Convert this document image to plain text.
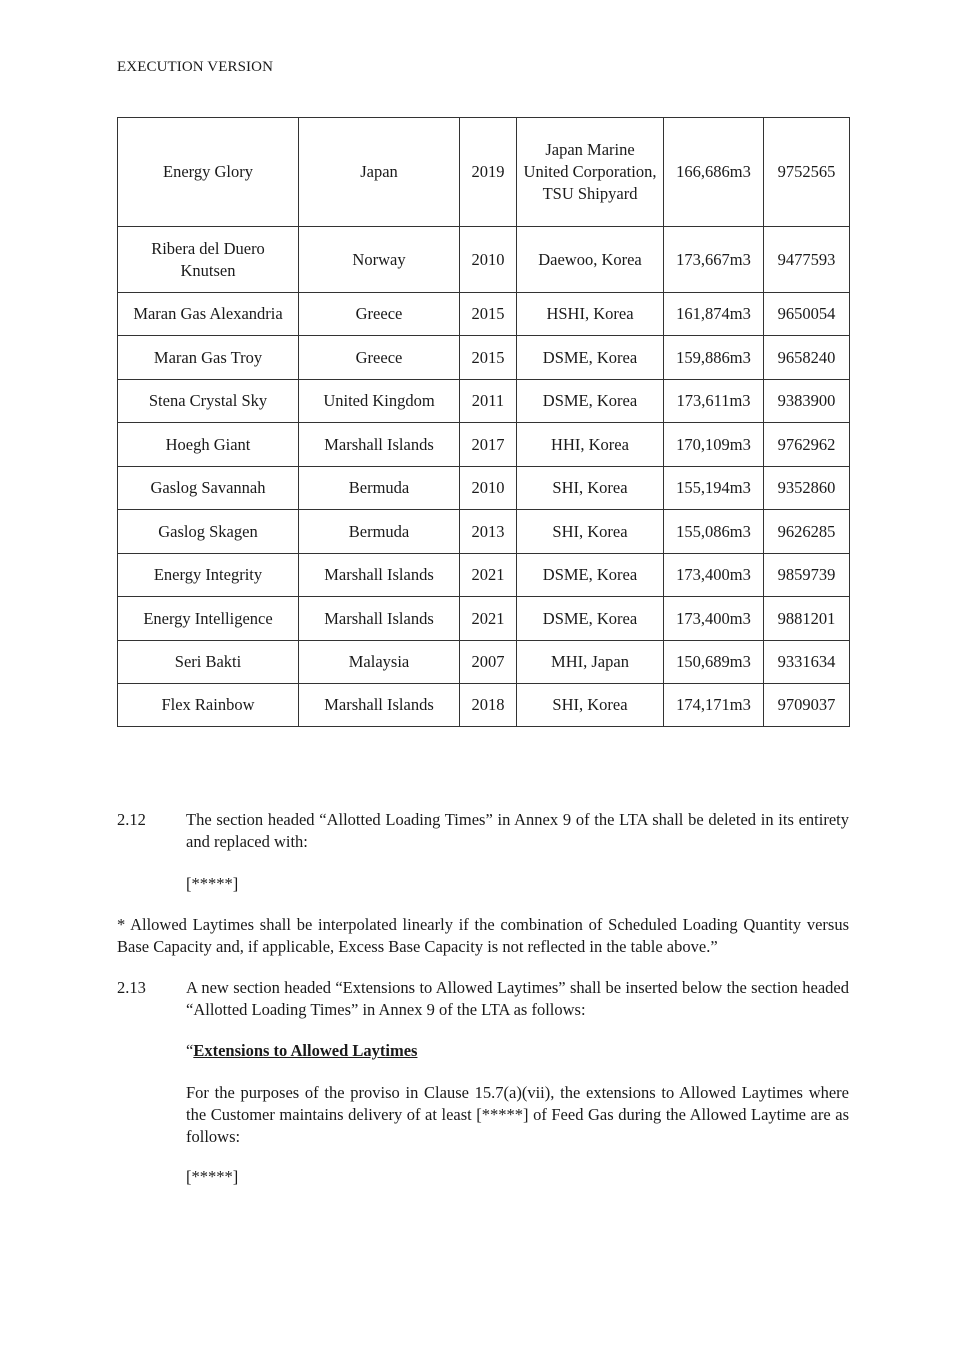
EXECUTION VERSION
Energy Glory	Japan	2019	Japan Marine United Corporation, TSU Shipyard	166,686m3	9752565
Ribera del Duero Knutsen	Norway	2010	Daewoo, Korea	173,667m3	9477593
Maran Gas Alexandria	Greece	2015	HSHI, Korea	161,874m3	9650054
Maran Gas Troy	Greece	2015	DSME, Korea	159,886m3	9658240
Stena Crystal Sky	United Kingdom	2011	DSME, Korea	173,611m3	9383900
Hoegh Giant	Marshall Islands	2017	HHI, Korea	170,109m3	9762962
Gaslog Savannah	Bermuda	2010	SHI, Korea	155,194m3	9352860
Gaslog Skagen	Bermuda	2013	SHI, Korea	155,086m3	9626285
Energy Integrity	Marshall Islands	2021	DSME, Korea	173,400m3	9859739
Energy Intelligence	Marshall Islands	2021	DSME, Korea	173,400m3	9881201
Seri Bakti	Malaysia	2007	MHI, Japan	150,689m3	9331634
Flex Rainbow	Marshall Islands	2018	SHI, Korea	174,171m3	9709037
2.12 The section headed “Allotted Loading Times” in Annex 9 of the LTA shall be deleted in its entirety and replaced with:
[*****]
* Allowed Laytimes shall be interpolated linearly if the combination of Scheduled Loading Quantity versus Base Capacity and, if applicable, Excess Base Capacity is not reflected in the table above.”
2.13 A new section headed “Extensions to Allowed Laytimes” shall be inserted below the section headed “Allotted Loading Times” in Annex 9 of the LTA as follows:
“Extensions to Allowed Laytimes
For the purposes of the proviso in Clause 15.7(a)(vii), the extensions to Allowed Laytimes where the Customer maintains delivery of at least [*****] of Feed Gas during the Allowed Laytime are as follows:
[*****]
